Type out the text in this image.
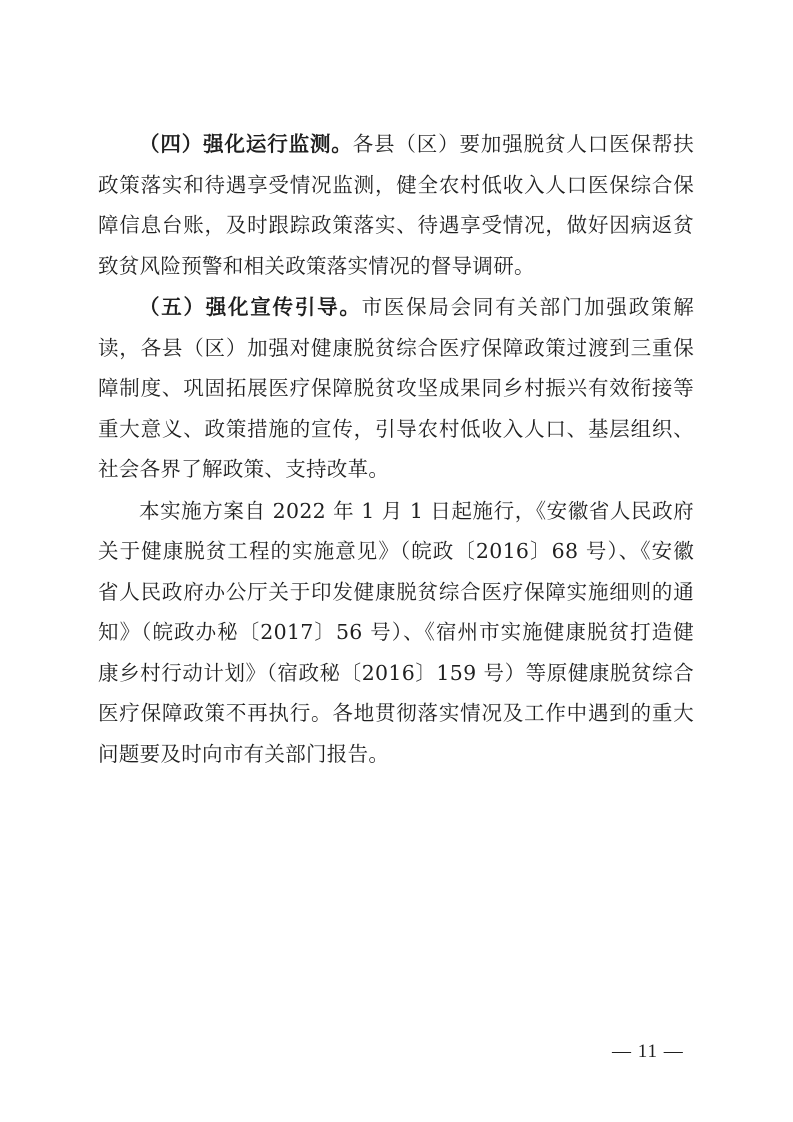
（四）强化运行监测。各县（区）要加强脱贫人口医保帮扶政策落实和待遇享受情况监测，健全农村低收入人口医保综合保障信息台账，及时跟踪政策落实、待遇享受情况，做好因病返贫致贫风险预警和相关政策落实情况的督导调研。

（五）强化宣传引导。市医保局会同有关部门加强政策解读，各县（区）加强对健康脱贫综合医疗保障政策过渡到三重保障制度、巩固拓展医疗保障脱贫攻坚成果同乡村振兴有效衔接等重大意义、政策措施的宣传，引导农村低收入人口、基层组织、社会各界了解政策、支持改革。

本实施方案自 2022 年 1 月 1 日起施行，《安徽省人民政府关于健康脱贫工程的实施意见》（皖政〔2016〕68 号）、《安徽省人民政府办公厅关于印发健康脱贫综合医疗保障实施细则的通知》（皖政办秘〔2017〕56 号）、《宿州市实施健康脱贫打造健康乡村行动计划》（宿政秘〔2016〕159 号）等原健康脱贫综合医疗保障政策不再执行。各地贯彻落实情况及工作中遇到的重大问题要及时向市有关部门报告。

— 11 —
